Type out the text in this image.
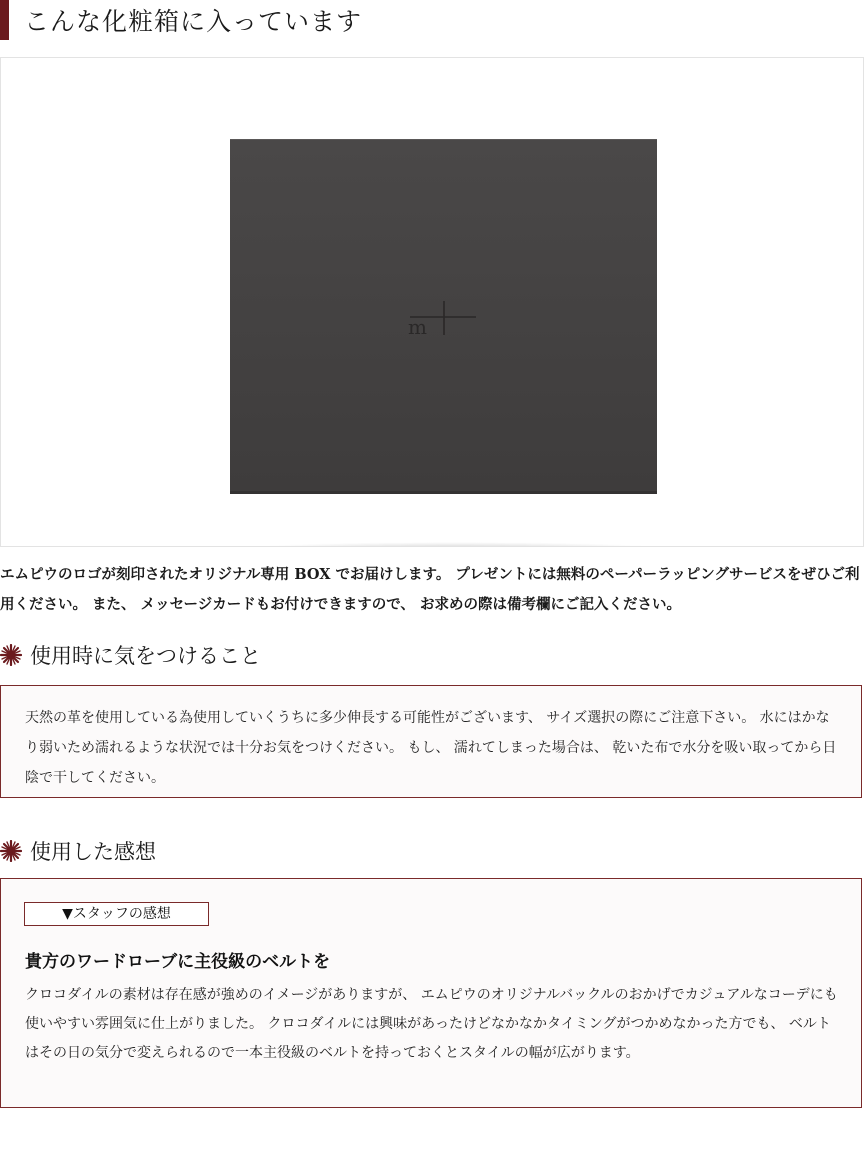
こんな化粧箱に入っています
m
エムピウのロゴが刻印されたオリジナル専用 BOX でお届けします。 プレゼントには無料のペーパーラッピングサービスをぜひご利用ください。 また、 メッセージカードもお付けできますので、 お求めの際は備考欄にご記入ください。
使用時に気をつけること
天然の革を使用している為使用していくうちに多少伸長する可能性がございます、 サイズ選択の際にご注意下さい。 水にはかなり弱いため濡れるような状況では十分お気をつけください。 もし、 濡れてしまった場合は、 乾いた布で水分を吸い取ってから日陰で干してください。
使用した感想
▼スタッフの感想
貴方のワードローブに主役級のベルトを
クロコダイルの素材は存在感が強めのイメージがありますが、 エムピウのオリジナルバックルのおかげでカジュアルなコーデにも使いやすい雰囲気に仕上がりました。 クロコダイルには興味があったけどなかなかタイミングがつかめなかった方でも、 ベルトはその日の気分で変えられるので一本主役級のベルトを持っておくとスタイルの幅が広がります。
